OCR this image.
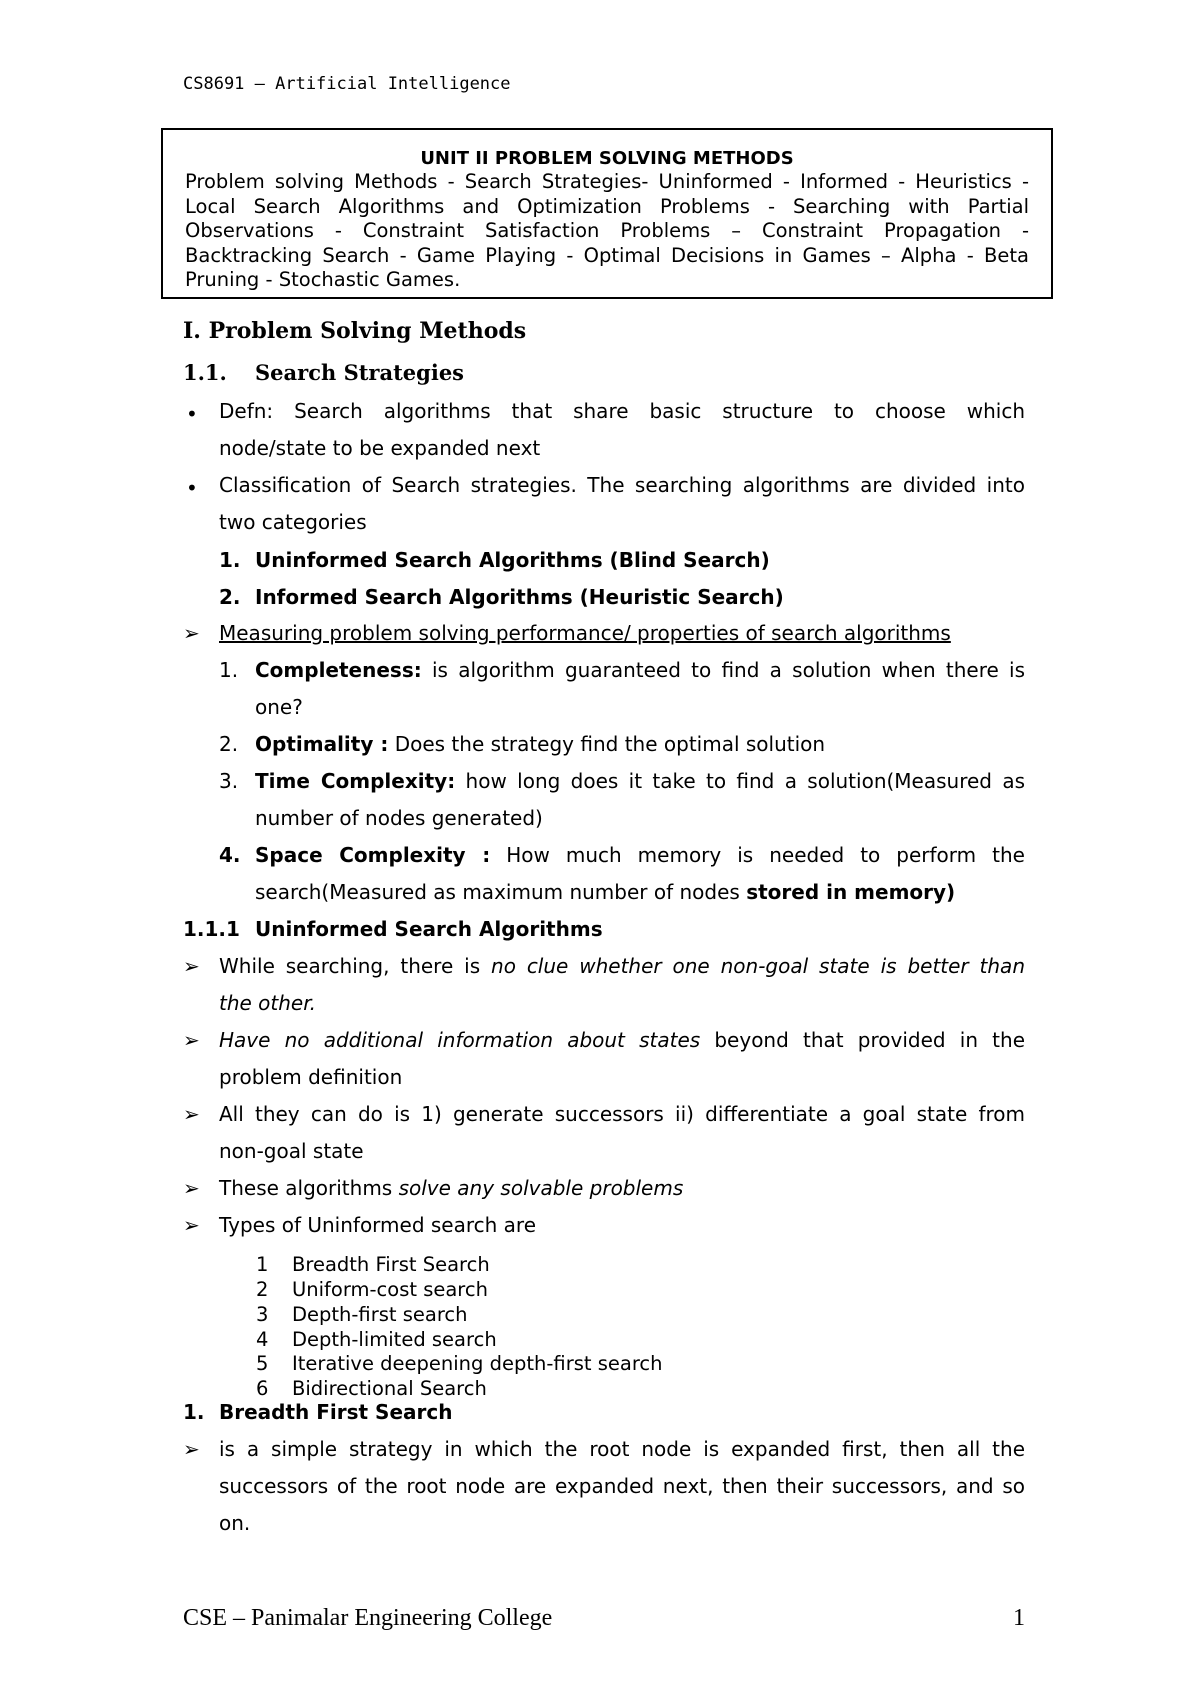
CS8691 – Artificial Intelligence
UNIT II PROBLEM SOLVING METHODS
Problem solving Methods - Search Strategies- Uninformed - Informed - Heuristics - Local Search Algorithms and Optimization Problems - Searching with Partial Observations - Constraint Satisfaction Problems – Constraint Propagation - Backtracking Search - Game Playing - Optimal Decisions in Games – Alpha - Beta Pruning - Stochastic Games.
I. Problem Solving Methods
1.1. Search Strategies
• Defn: Search algorithms that share basic structure to choose which
node/state to be expanded next
• Classification of Search strategies. The searching algorithms are divided into
two categories
1. Uninformed Search Algorithms (Blind Search)
2. Informed Search Algorithms (Heuristic Search)
➢ Measuring problem solving performance/ properties of search algorithms
1. Completeness: is algorithm guaranteed to find a solution when there is
one?
2. Optimality : Does the strategy find the optimal solution
3. Time Complexity: how long does it take to find a solution(Measured as
number of nodes generated)
4. Space Complexity : How much memory is needed to perform the
search(Measured as maximum number of nodes stored in memory)
1.1.1 Uninformed Search Algorithms
➢ While searching, there is no clue whether one non-goal state is better than
the other.
➢ Have no additional information about states beyond that provided in the
problem definition
➢ All they can do is 1) generate successors ii) differentiate a goal state from
non-goal state
➢ These algorithms solve any solvable problems
➢ Types of Uninformed search are
1 Breadth First Search
2 Uniform-cost search
3 Depth-first search
4 Depth-limited search
5 Iterative deepening depth-first search
6 Bidirectional Search
1. Breadth First Search
➢ is a simple strategy in which the root node is expanded first, then all the
successors of the root node are expanded next, then their successors, and so
on.
CSE – Panimalar Engineering College	1
